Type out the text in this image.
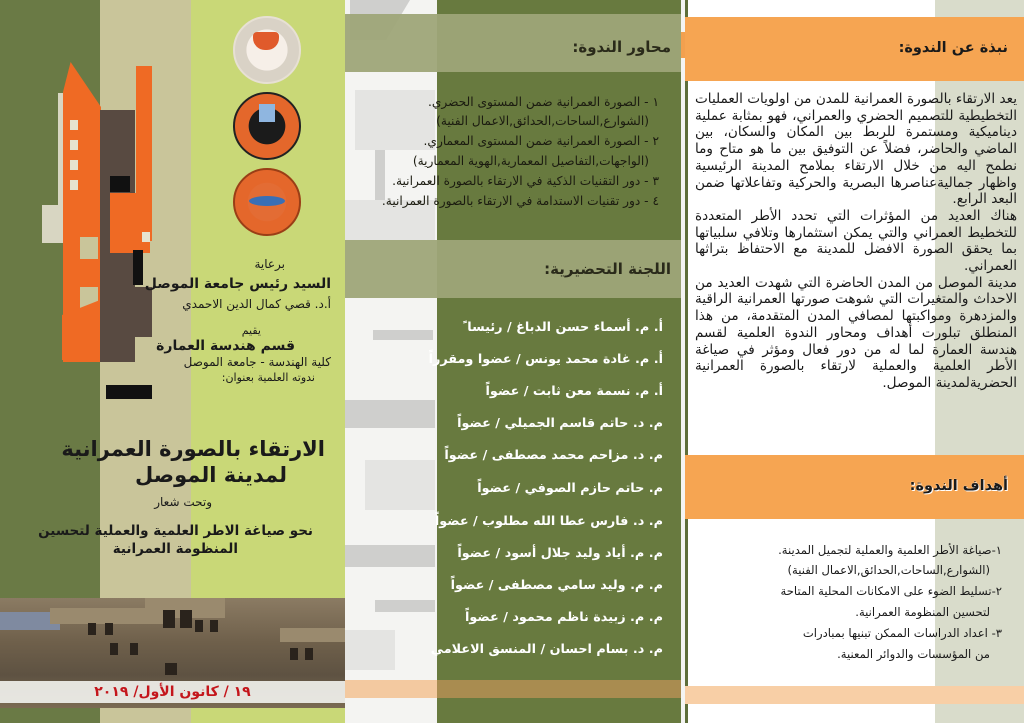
برعاية
السيد رئيس جامعة الموصل
أ.د. قصي كمال الدين الاحمدي
يقيم
قسم هندسة العمارة
كلية الهندسة - جامعة الموصل
ندوته العلمية بعنوان:
الارتقاء بالصورة العمرانية
لمدينة الموصل
وتحت شعار
نحو صياغة الاطر العلمية والعملية لتحسين
المنظومة العمرانية
١٩ / كانون الأول/ ٢٠١٩
محاور الندوة:
١ - الصورة العمرانية ضمن المستوى الحضري.
(الشوارع,الساحات,الحدائق,الاعمال الفنية)
٢ - الصورة العمرانية ضمن المستوى المعماري.
(الواجهات,التفاصيل المعمارية,الهوية المعمارية)
٣ - دور التقنيات الذكية في الارتقاء بالصورة العمرانية.
٤ - دور تقنيات الاستدامة في الارتقاء بالصورة العمرانية.
اللجنة التحضيرية:
أ. م. أسماء حسن الدباغ / رئيسا ً
أ. م. غادة محمد يونس / عضوا ومقرراً
أ. م. نسمة معن ثابت / عضواً
م. د. حاتم قاسم الجميلي / عضواً
م. د. مزاحم محمد مصطفى / عضواً
م. حاتم حازم الصوفي / عضواً
م. د. فارس عطا الله مطلوب / عضواً
م. م. أياد وليد جلال أسود / عضواً
م. م. وليد سامي مصطفى / عضواً
م. م. زبيدة ناظم محمود / عضواً
م. د. بسام احسان / المنسق الاعلامي
نبذة عن الندوة:

يعد الارتقاء بالصورة العمرانية للمدن من اولويات العمليات التخطيطية للتصميم الحضري والعمراني، فهو بمثابة عملية ديناميكية ومستمرة للربط بين المكان والسكان، بين الماضي والحاضر، فضلاً عن التوفيق بين ما هو متاح وما نطمح اليه من خلال الارتقاء بملامح المدينة الرئيسية واظهار جماليةعناصرها البصرية والحركية وتفاعلاتها ضمن البعد الرابع.

هناك العديد من المؤثرات التي تحدد الأطر المتعددة للتخطيط العمراني والتي يمكن استثمارها وتلافي سلبياتها بما يحقق الصورة الافضل للمدينة مع الاحتفاظ بتراثها العمراني.

مدينة الموصل من المدن الحاضرة التي شهدت العديد من الاحداث والمتغيرات التي شوهت صورتها العمرانية الراقية والمزدهرة ومواكبتها لمصافي المدن المتقدمة، من هذا المنطلق تبلورت أهداف ومحاور الندوة العلمية لقسم هندسة العمارة لما له من دور فعال ومؤثر في صياغة الأطر العلمية والعملية لارتقاء بالصورة العمرانية الحضريةلمدينة الموصل.

أهداف الندوة:
١-صياغة الأطر العلمية والعملية لتجميل المدينة.
(الشوارع,الساحات,الحدائق,الاعمال الفنية)
٢-تسليط الضوء على الامكانات المحلية المتاحة
لتحسين المنظومة العمرانية.
٣- اعداد الدراسات الممكن تبنيها بمبادرات
من المؤسسات والدوائر المعنية.
